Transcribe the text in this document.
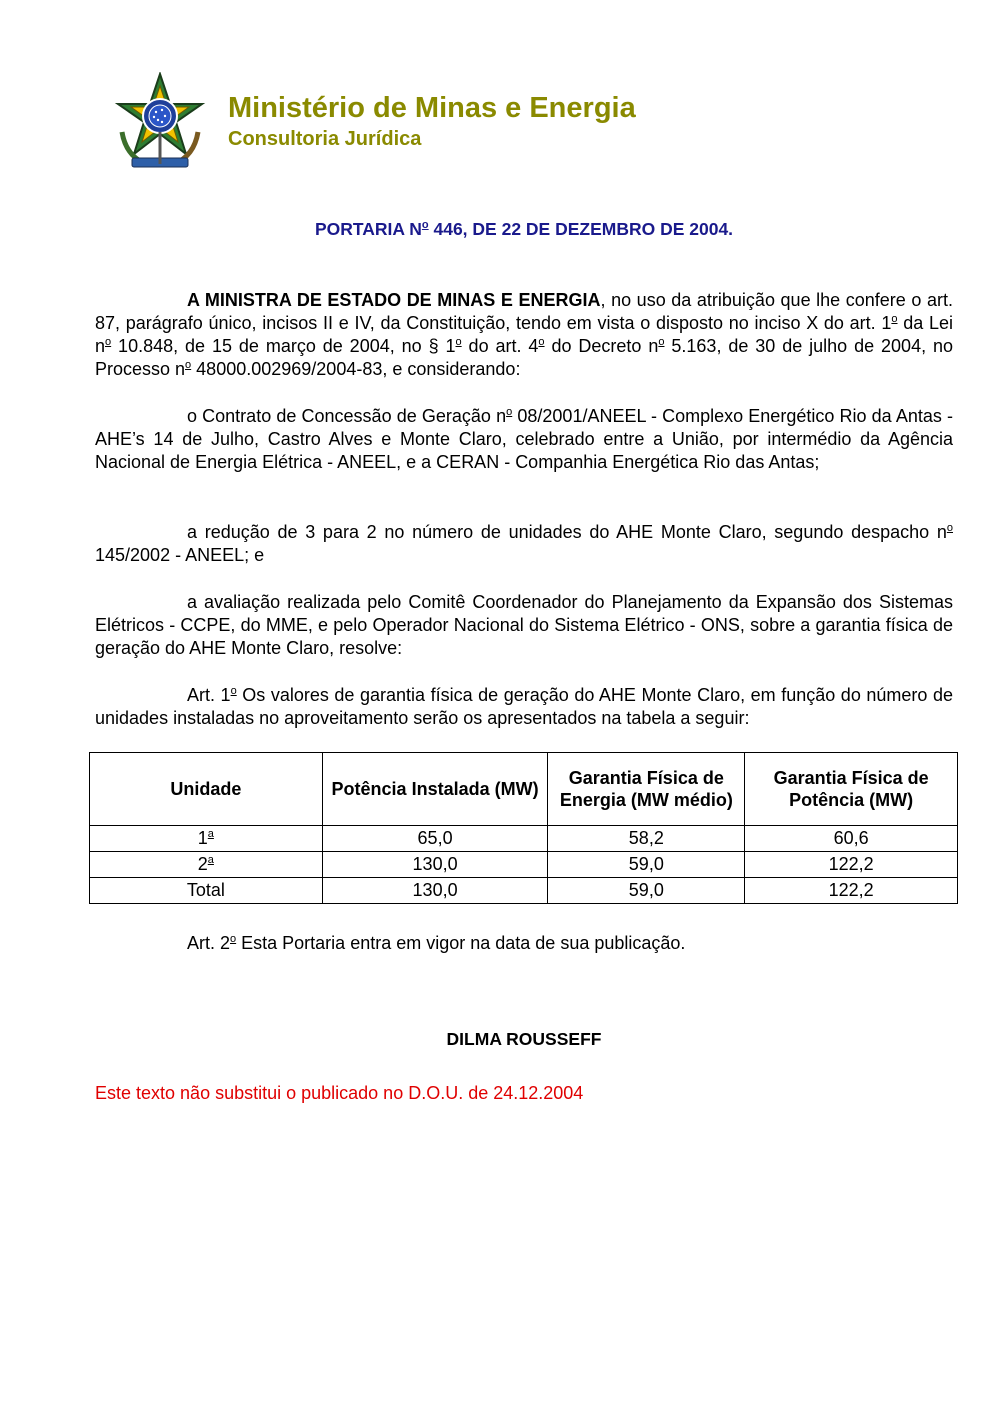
Ministério de Minas e Energia
Consultoria Jurídica
PORTARIA $N^o$ 446, DE 22 DE DEZEMBRO DE 2004.

A MINISTRA DE ESTADO DE MINAS E ENERGIA, no uso da atribuição que lhe confere o art. 87, parágrafo único, incisos II e IV, da Constituição, tendo em vista o disposto no inciso X do art. 1$^o$ da Lei $n^o$ 10.848, de 15 de março de 2004, no § 1$^o$ do art. 4$^o$ do Decreto $n^o$ 5.163, de 30 de julho de 2004, no Processo $n^o$ 48000.002969/2004-83, e considerando:

o Contrato de Concessão de Geração $n^o$ 08/2001/ANEEL - Complexo Energético Rio da Antas - AHE’s 14 de Julho, Castro Alves e Monte Claro, celebrado entre a União, por intermédio da Agência Nacional de Energia Elétrica - ANEEL, e a CERAN - Companhia Energética Rio das Antas;

a redução de 3 para 2 no número de unidades do AHE Monte Claro, segundo despacho $n^o$ 145/2002 - ANEEL; e

a avaliação realizada pelo Comitê Coordenador do Planejamento da Expansão dos Sistemas Elétricos - CCPE, do MME, e pelo Operador Nacional do Sistema Elétrico - ONS, sobre a garantia física de geração do AHE Monte Claro, resolve:

Art. 1$^o$ Os valores de garantia física de geração do AHE Monte Claro, em função do número de unidades instaladas no aproveitamento serão os apresentados na tabela a seguir:

Unidade	Potência Instalada (MW)	Garantia Física de Energia (MW médio)	Garantia Física de Potência (MW)
1$^a$	65,0	58,2	60,6
2$^a$	130,0	59,0	122,2
Total	130,0	59,0	122,2

Art. 2$^o$ Esta Portaria entra em vigor na data de sua publicação.

DILMA ROUSSEFF
Este texto não substitui o publicado no D.O.U. de 24.12.2004
